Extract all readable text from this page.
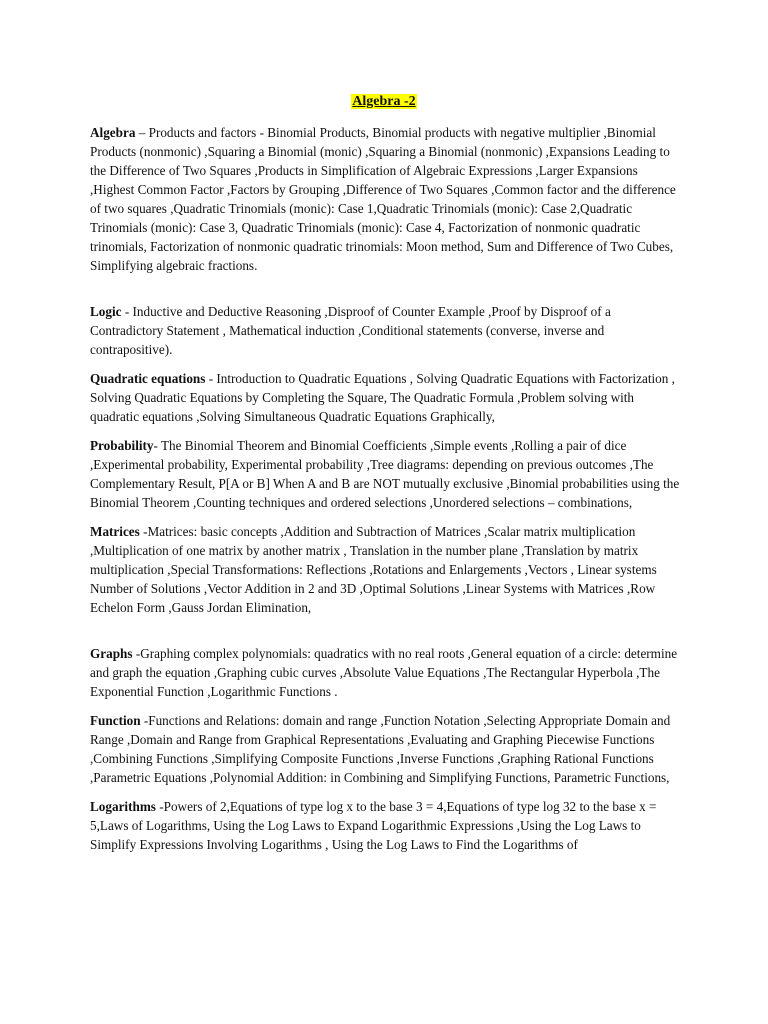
Algebra -2

Algebra – Products and factors - Binomial Products, Binomial products with negative multiplier ,Binomial Products (nonmonic) ,Squaring a Binomial (monic) ,Squaring a Binomial (nonmonic) ,Expansions Leading to the Difference of Two Squares ,Products in Simplification of Algebraic Expressions ,Larger Expansions ,Highest Common Factor ,Factors by Grouping ,Difference of Two Squares ,Common factor and the difference of two squares ,Quadratic Trinomials (monic): Case 1,Quadratic Trinomials (monic): Case 2,Quadratic Trinomials (monic): Case 3, Quadratic Trinomials (monic): Case 4, Factorization of nonmonic quadratic trinomials, Factorization of nonmonic quadratic trinomials: Moon method, Sum and Difference of Two Cubes, Simplifying algebraic fractions.

Logic - Inductive and Deductive Reasoning ,Disproof of Counter Example ,Proof by Disproof of a Contradictory Statement , Mathematical induction ,Conditional statements (converse, inverse and contrapositive).

Quadratic equations - Introduction to Quadratic Equations , Solving Quadratic Equations with Factorization , Solving Quadratic Equations by Completing the Square, The Quadratic Formula ,Problem solving with quadratic equations ,Solving Simultaneous Quadratic Equations Graphically,

Probability- The Binomial Theorem and Binomial Coefficients ,Simple events ,Rolling a pair of dice ,Experimental probability, Experimental probability ,Tree diagrams: depending on previous outcomes ,The Complementary Result, P[A or B] When A and B are NOT mutually exclusive ,Binomial probabilities using the Binomial Theorem ,Counting techniques and ordered selections ,Unordered selections – combinations,

Matrices -Matrices: basic concepts ,Addition and Subtraction of Matrices ,Scalar matrix multiplication ,Multiplication of one matrix by another matrix , Translation in the number plane ,Translation by matrix multiplication ,Special Transformations: Reflections ,Rotations and Enlargements ,Vectors , Linear systems Number of Solutions ,Vector Addition in 2 and 3D ,Optimal Solutions ,Linear Systems with Matrices ,Row Echelon Form ,Gauss Jordan Elimination,

Graphs -Graphing complex polynomials: quadratics with no real roots ,General equation of a circle: determine and graph the equation ,Graphing cubic curves ,Absolute Value Equations ,The Rectangular Hyperbola ,The Exponential Function ,Logarithmic Functions .

Function -Functions and Relations: domain and range ,Function Notation ,Selecting Appropriate Domain and Range ,Domain and Range from Graphical Representations ,Evaluating and Graphing Piecewise Functions ,Combining Functions ,Simplifying Composite Functions ,Inverse Functions ,Graphing Rational Functions ,Parametric Equations ,Polynomial Addition: in Combining and Simplifying Functions, Parametric Functions,

Logarithms -Powers of 2,Equations of type log x to the base 3 = 4,Equations of type log 32 to the base x = 5,Laws of Logarithms, Using the Log Laws to Expand Logarithmic Expressions ,Using the Log Laws to Simplify Expressions Involving Logarithms , Using the Log Laws to Find the Logarithms of
